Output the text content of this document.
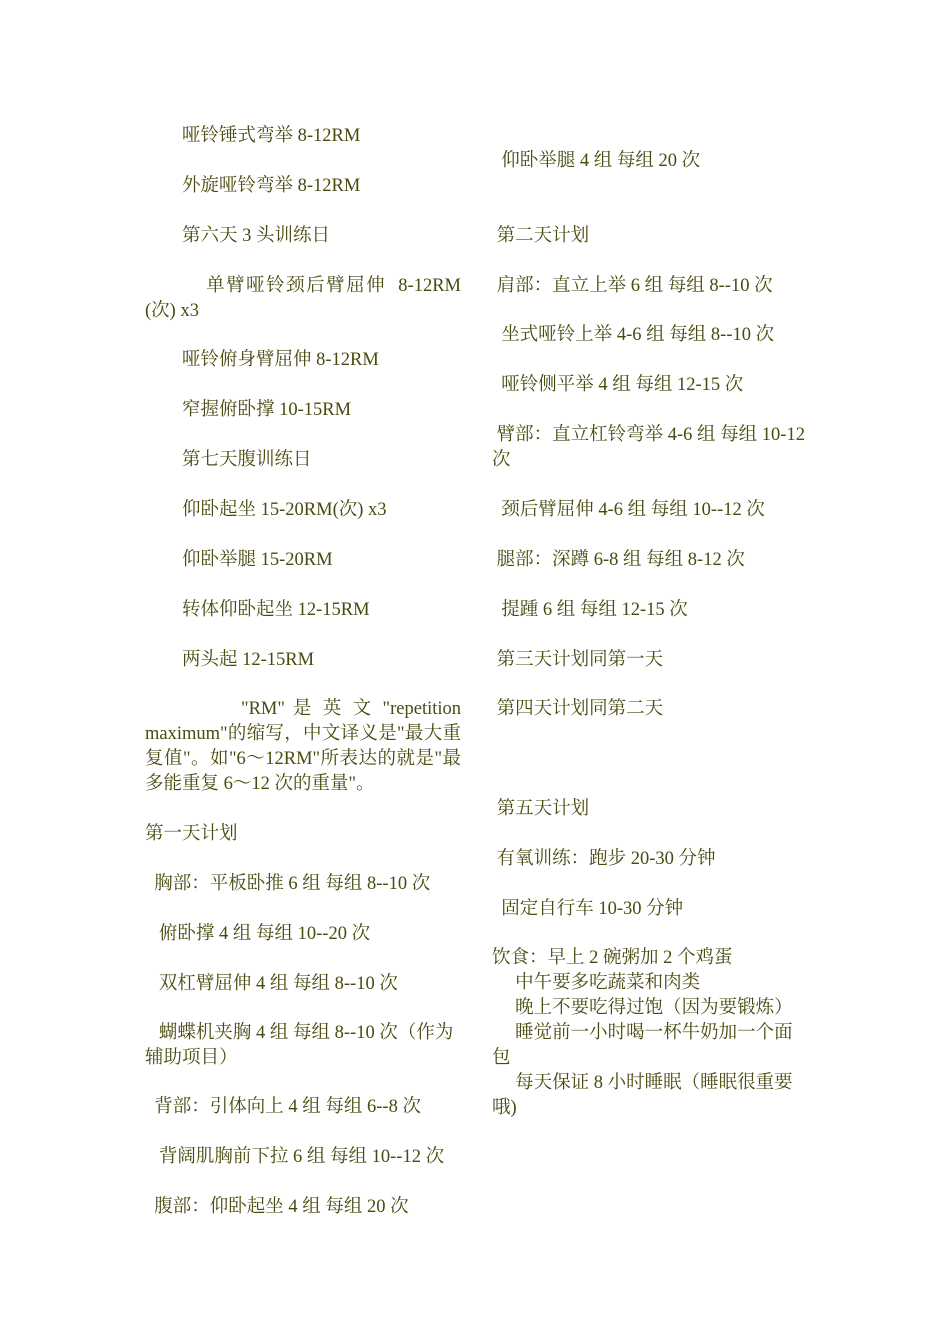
哑铃锤式弯举 8-12RM

外旋哑铃弯举 8-12RM

第六天 3 头训练日

单臂哑铃颈后臂屈伸  8-12RM (次) x3

哑铃俯身臂屈伸 8-12RM

窄握俯卧撑 10-15RM

第七天腹训练日

仰卧起坐 15-20RM(次) x3

仰卧举腿 15-20RM

转体仰卧起坐 12-15RM

两头起 12-15RM

"RM" 是 英 文 "repetition maximum"的缩写，中文译义是"最大重复值"。如"6～12RM"所表达的就是"最多能重复 6～12 次的重量"。

第一天计划

胸部：平板卧推 6 组 每组 8--10 次

俯卧撑 4 组 每组 10--20 次

双杠臂屈伸 4 组 每组 8--10 次

蝴蝶机夹胸 4 组 每组 8--10 次（作为辅助项目）

背部：引体向上 4 组 每组 6--8 次

背阔肌胸前下拉 6 组 每组 10--12 次

腹部：仰卧起坐 4 组 每组 20 次

仰卧举腿 4 组 每组 20 次

第二天计划

肩部：直立上举 6 组 每组 8--10 次

坐式哑铃上举 4-6 组 每组 8--10 次

哑铃侧平举 4 组 每组 12-15 次

臂部：直立杠铃弯举 4-6 组 每组 10-12 次

颈后臂屈伸 4-6 组 每组 10--12 次

腿部：深蹲 6-8 组 每组 8-12 次

提踵 6 组 每组 12-15 次

第三天计划同第一天

第四天计划同第二天

第五天计划

有氧训练：跑步 20-30 分钟

固定自行车 10-30 分钟

饮食：早上 2 碗粥加 2 个鸡蛋

中午要多吃蔬菜和肉类

晚上不要吃得过饱（因为要锻炼）

睡觉前一小时喝一杯牛奶加一个面包

每天保证 8 小时睡眠（睡眠很重要哦)
